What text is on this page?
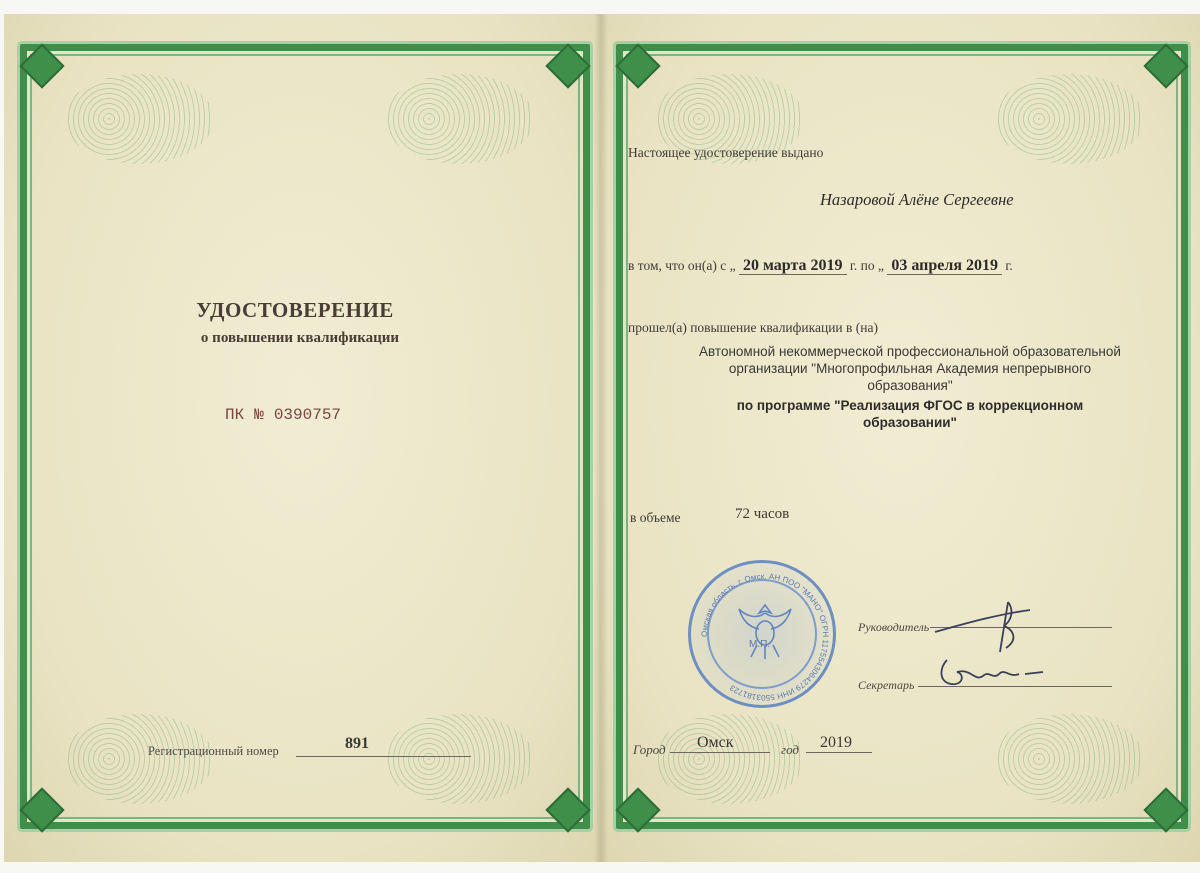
УДОСТОВЕРЕНИЕ
о повышении квалификации
ПК № 0390757
Регистрационный номер	891
Настоящее удостоверение выдано
Назаровой Алёне Сергеевне
в том, что он(а) с „ 20 марта 2019 г. по „ 03 апреля 2019 г.
прошел(а) повышение квалификации в (на)
Автономной некоммерческой профессиональной образовательной организации "Многопрофильная Академия непрерывного образования"
по программе "Реализация ФГОС в коррекционном образовании"
в объеме	72 часов
Омская область, г. Омск, АН ПОО "МАНО" ОГРН 1175543064279 ИНН 5503181723
М.П.
Руководитель
Секретарь
Город Омск	год 2019
